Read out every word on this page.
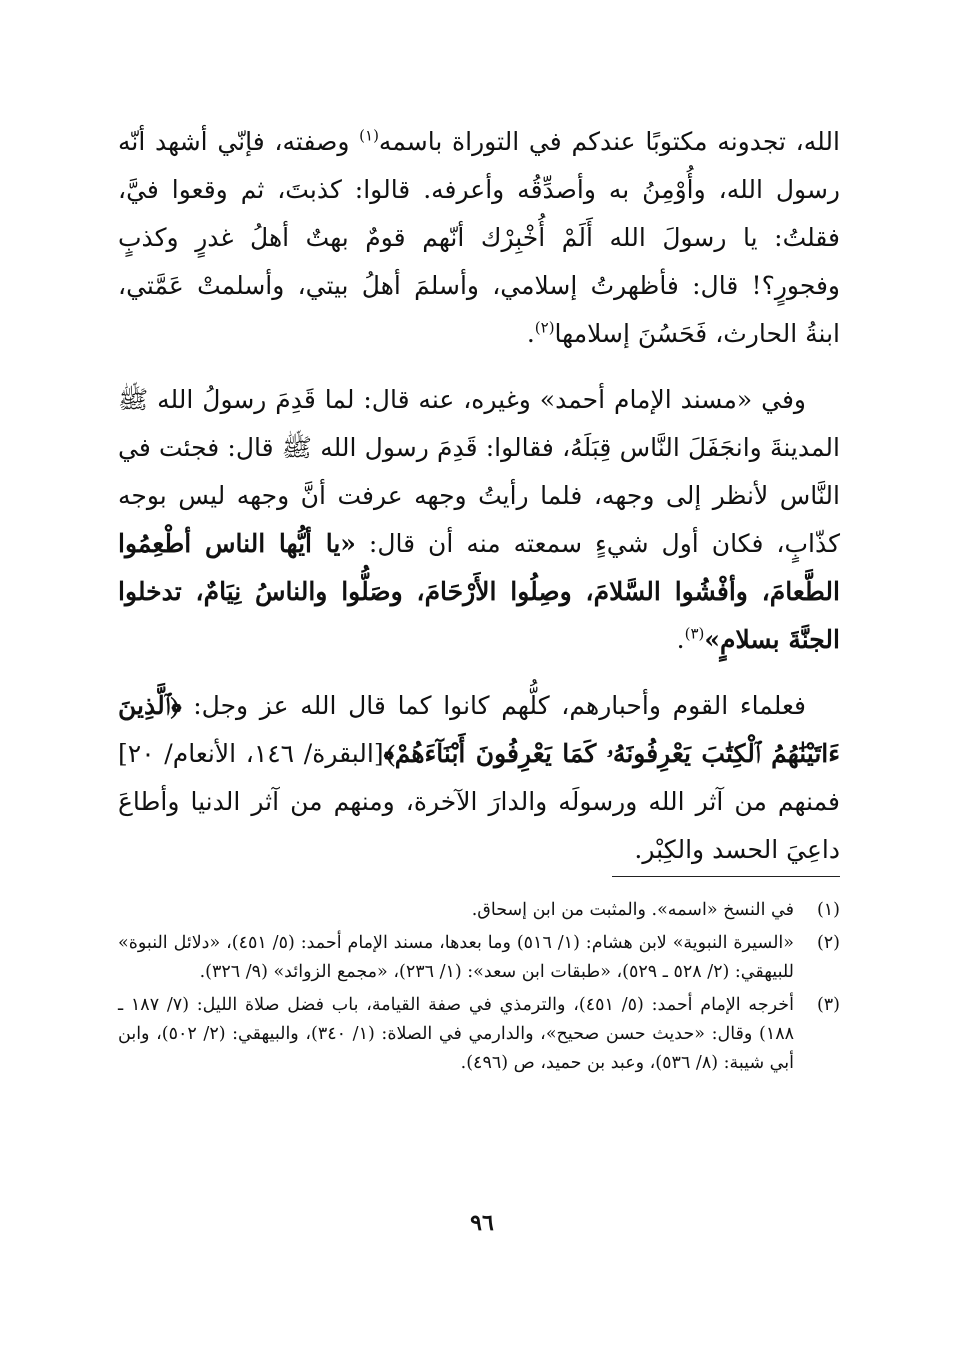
الله، تجدونه مكتوبًا عندكم في التوراة باسمه$^{(١)}$ وصفته، فإنّي أشهد أنّه رسول الله، وأُوْمِنُ به وأصدِّقُه وأعرفه. قالوا: كذبتَ، ثم وقعوا فيَّ، فقلتُ: يا رسولَ الله أَلَمْ أُخْبِرْك أنّهم قومٌ بهتٌ أهلُ غدرٍ وكذبٍ وفجورٍ؟! قال: فأظهرتُ إسلامي، وأسلمَ أهلُ بيتي، وأسلمتْ عَمَّتي، ابنةُ الحارث، فَحَسُنَ إسلامها$^{(٢)}$.

وفي «مسند الإمام أحمد» وغيره، عنه قال: لما قَدِمَ رسولُ الله ﷺ المدينةَ وانجَفَلَ النَّاس قِبَلَهُ، فقالوا: قَدِمَ رسول الله ﷺ قال: فجئت في النَّاس لأنظر إلى وجهه، فلما رأيتُ وجهه عرفت أنَّ وجهه ليس بوجه كذّابٍ، فكان أول شيءٍ سمعته منه أن قال: «يا أيُّها الناس أطْعِمُوا الطَّعامَ، وأفْشُوا السَّلامَ، وصِلُوا الأَرْحَامَ، وصَلُّوا والناسُ نِيَامٌ، تدخلوا الجنَّةَ بسلامٍ»$^{(٣)}$.

فعلماء القوم وأحبارهم، كلُّهم كانوا كما قال الله عز وجل: ﴿ٱلَّذِينَ ءَاتَيْنَٰهُمُ ٱلْكِتَٰبَ يَعْرِفُونَهُۥ كَمَا يَعْرِفُونَ أَبْنَآءَهُمْ﴾[البقرة/ ١٤٦، الأنعام/ ٢٠] فمنهم من آثر الله ورسولَه والدارَ الآخرة، ومنهم من آثر الدنيا وأطاعَ داعِيَ الحسد والكِبْر.

(١)
في النسخ «اسمه». والمثبت من ابن إسحاق.
(٢)
«السيرة النبوية» لابن هشام: (١/ ٥١٦) وما بعدها، مسند الإمام أحمد: (٥/ ٤٥١)، «دلائل النبوة» للبيهقي: (٢/ ٥٢٨ ـ ٥٢٩)، «طبقات ابن سعد»: (١/ ٢٣٦)، «مجمع الزوائد» (٩/ ٣٢٦).
(٣)
أخرجه الإمام أحمد: (٥/ ٤٥١)، والترمذي في صفة القيامة، باب فضل صلاة الليل: (٧/ ١٨٧ ـ ١٨٨) وقال: «حديث حسن صحيح»، والدارمي في الصلاة: (١/ ٣٤٠)، والبيهقي: (٢/ ٥٠٢)، وابن أبي شيبة: (٨/ ٥٣٦)، وعبد بن حميد، ص (٤٩٦).
٩٦
